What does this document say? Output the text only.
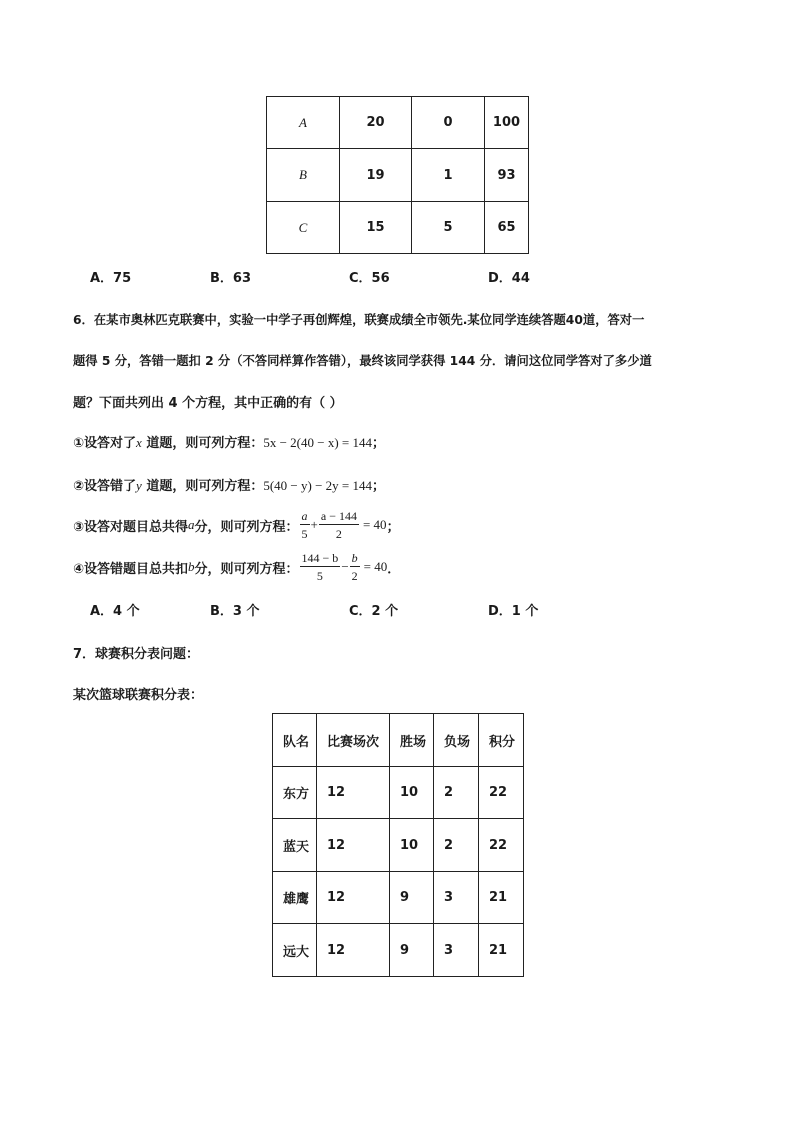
A	20	0	100
B	19	1	93
C	15	5	65
A．75	B．63	C．56	D．44
6．在某市奥林匹克联赛中，实验一中学子再创辉煌，联赛成绩全市领先.某位同学连续答题40道，答对一
题得 5 分，答错一题扣 2 分（不答同样算作答错），最终该同学获得 144 分．请问这位同学答对了多少道
题？下面共列出 4 个方程，其中正确的有（ ）
①设答对了x 道题，则可列方程：5x − 2(40 − x) = 144；
②设答错了y 道题，则可列方程：5(40 − y) − 2y = 144；
③设答对题目总共得 a 分，则可列方程： $\frac{a}{5} + \frac{a - 144}{2} = 40$ ；
④设答错题目总共扣 b 分，则可列方程： $\frac{144 - b}{5} - \frac{b}{2} = 40$ ．
A．4 个	B．3 个	C．2 个	D．1 个
7．球赛积分表问题：
某次篮球联赛积分表：
队名	比赛场次	胜场	负场	积分
东方	12	10	2	22
蓝天	12	10	2	22
雄鹰	12	9	3	21
远大	12	9	3	21
